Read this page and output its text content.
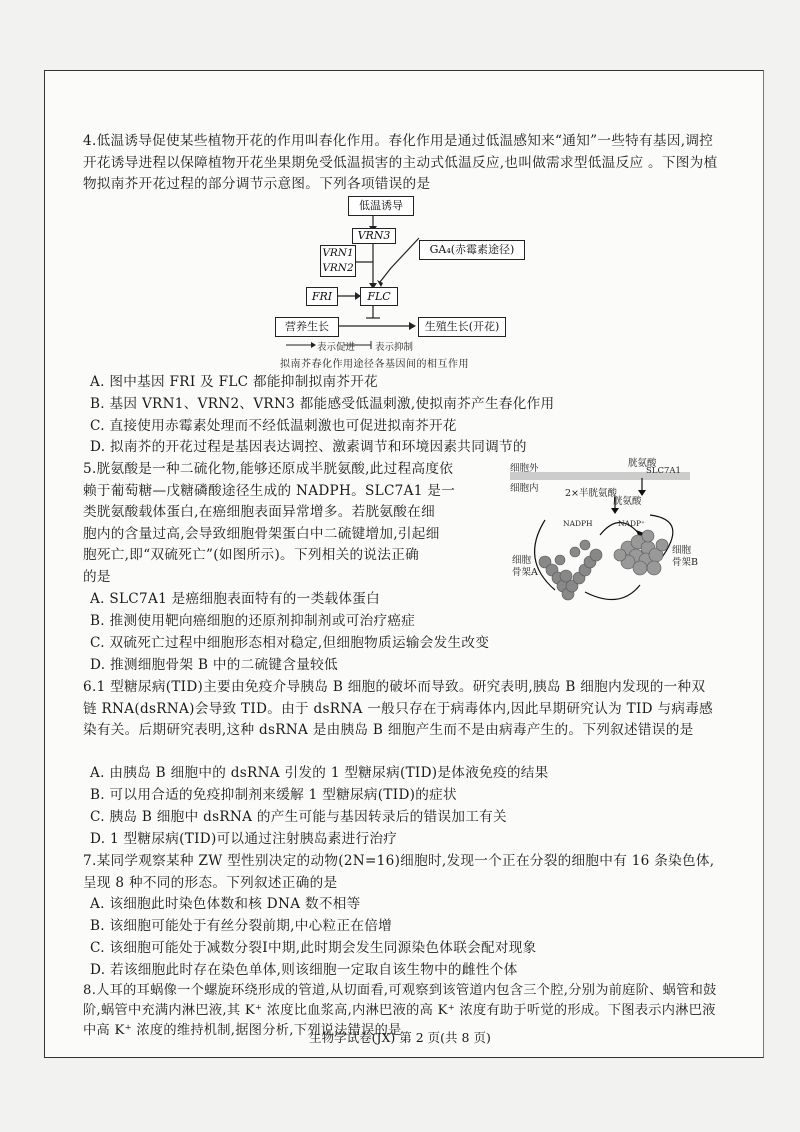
4.低温诱导促使某些植物开花的作用叫春化作用。春化作用是通过低温感知来“通知”一些特有基因,调控开花诱导进程以保障植物开花坐果期免受低温损害的主动式低温反应,也叫做需求型低温反应 。下图为植物拟南芥开花过程的部分调节示意图。下列各项错误的是
低温诱导
VRN3
VRN1
VRN2
GA₄(赤霉素途径)
FRI	FLC
营养生长	生殖生长(开花)
表示促进 表示抑制
拟南芥春化作用途径各基因间的相互作用
A. 图中基因 FRI 及 FLC 都能抑制拟南芥开花
B. 基因 VRN1、VRN2、VRN3 都能感受低温刺激,使拟南芥产生春化作用
C. 直接使用赤霉素处理而不经低温刺激也可促进拟南芥开花
D. 拟南芥的开花过程是基因表达调控、激素调节和环境因素共同调节的
5.胱氨酸是一种二硫化物,能够还原成半胱氨酸,此过程高度依
赖于葡萄糖—戊糖磷酸途径生成的 NADPH。SLC7A1 是一
类胱氨酸载体蛋白,在癌细胞表面异常增多。若胱氨酸在细
胞内的含量过高,会导致细胞骨架蛋白中二硫键增加,引起细
胞死亡,即“双硫死亡”(如图所示)。下列相关的说法正确
的是
细胞外
细胞内
胱氨酸
SLC7A1
2×半胱氨酸
胱氨酸
NADPH	NADP⁺
细胞
骨架A
细胞
骨架B
A. SLC7A1 是癌细胞表面特有的一类载体蛋白
B. 推测使用靶向癌细胞的还原剂抑制剂或可治疗癌症
C. 双硫死亡过程中细胞形态相对稳定,但细胞物质运输会发生改变
D. 推测细胞骨架 B 中的二硫键含量较低
6.1 型糖尿病(TID)主要由免疫介导胰岛 B 细胞的破坏而导致。研究表明,胰岛 B 细胞内发现的一种双链 RNA(dsRNA)会导致 TID。由于 dsRNA 一般只存在于病毒体内,因此早期研究认为 TID 与病毒感染有关。后期研究表明,这种 dsRNA 是由胰岛 B 细胞产生而不是由病毒产生的。下列叙述错误的是
A. 由胰岛 B 细胞中的 dsRNA 引发的 1 型糖尿病(TID)是体液免疫的结果
B. 可以用合适的免疫抑制剂来缓解 1 型糖尿病(TID)的症状
C. 胰岛 B 细胞中 dsRNA 的产生可能与基因转录后的错误加工有关
D. 1 型糖尿病(TID)可以通过注射胰岛素进行治疗
7.某同学观察某种 ZW 型性别决定的动物(2N=16)细胞时,发现一个正在分裂的细胞中有 16 条染色体,呈现 8 种不同的形态。下列叙述正确的是
A. 该细胞此时染色体数和核 DNA 数不相等
B. 该细胞可能处于有丝分裂前期,中心粒正在倍增
C. 该细胞可能处于减数分裂Ⅰ中期,此时期会发生同源染色体联会配对现象
D. 若该细胞此时存在染色单体,则该细胞一定取自该生物中的雌性个体
8.人耳的耳蜗像一个螺旋环绕形成的管道,从切面看,可观察到该管道内包含三个腔,分别为前庭阶、蜗管和鼓阶,蜗管中充满内淋巴液,其 K⁺ 浓度比血浆高,内淋巴液的高 K⁺ 浓度有助于听觉的形成。下图表示内淋巴液中高 K⁺ 浓度的维持机制,据图分析,下列说法错误的是
生物学试卷(JX) 第 2 页(共 8 页)
